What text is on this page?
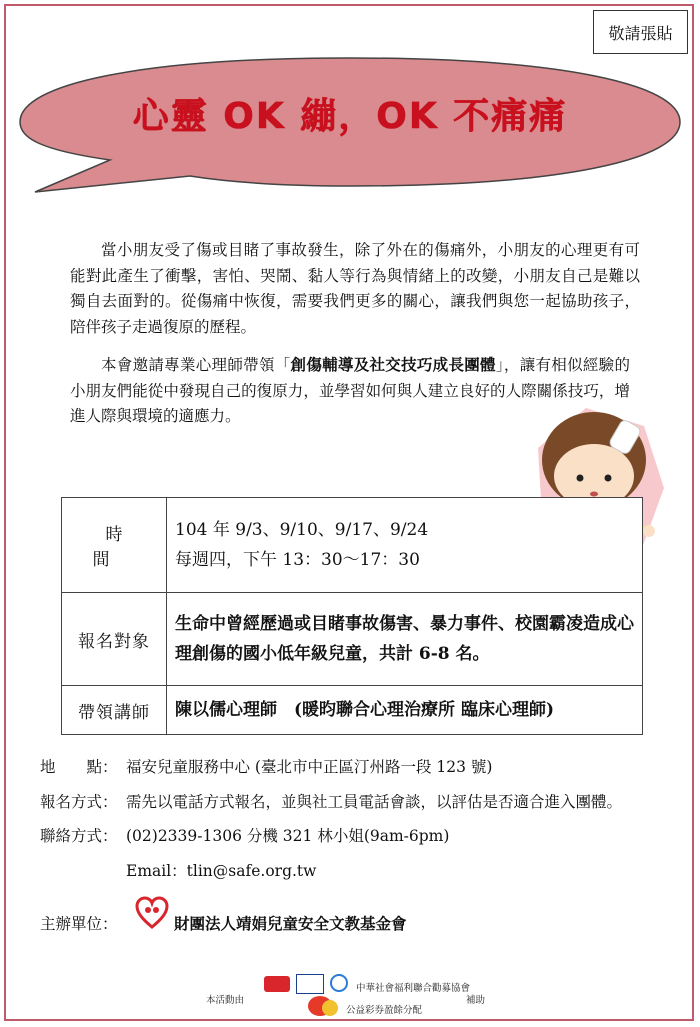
敬請張貼
心靈 OK 繃，OK 不痛痛

當小朋友受了傷或目睹了事故發生，除了外在的傷痛外，小朋友的心理更有可能對此產生了衝擊，害怕、哭鬧、黏人等行為與情緒上的改變，小朋友自己是難以獨自去面對的。從傷痛中恢復，需要我們更多的關心，讓我們與您一起協助孩子，陪伴孩子走過復原的歷程。

本會邀請專業心理師帶領「創傷輔導及社交技巧成長團體」，讓有相似經驗的小朋友們能從中發現自己的復原力，並學習如何與人建立良好的人際關係技巧，增進人際與環境的適應力。

時間	104 年 9/3、9/10、9/17、9/24
每週四，下午 13：30～17：30

報名對象	生命中曾經歷過或目睹事故傷害、暴力事件、校園霸凌造成心理創傷的國小低年級兒童，共計 6-8 名。
帶領講師	陳以儒心理師　(暖昀聯合心理治療所 臨床心理師)
地　　點： 福安兒童服務中心 (臺北市中正區汀州路一段 123 號)
報名方式： 需先以電話方式報名，並與社工員電話會談，以評估是否適合進入團體。
聯絡方式： (02)2339-1306 分機 321 林小姐(9am-6pm)
Email：tlin@safe.org.tw
主辦單位：	財團法人靖娟兒童安全文教基金會
本活動由
中華社會福利聯合勸募協會
公益彩券盈餘分配
補助
